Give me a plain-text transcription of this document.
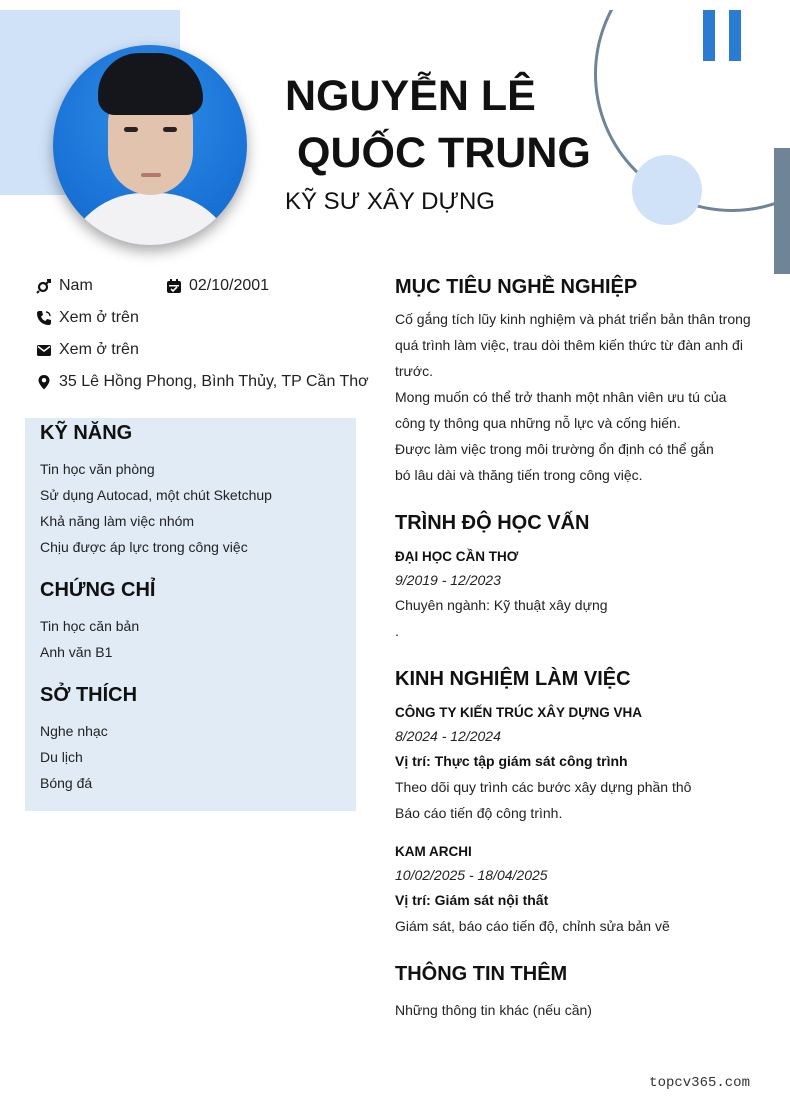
NGUYỄN LÊ
QUỐC TRUNG
KỸ SƯ XÂY DỰNG
Nam	02/10/2001
Xem ở trên
Xem ở trên
35 Lê Hồng Phong, Bình Thủy, TP Cần Thơ
KỸ NĂNG
Tin học văn phòng
Sử dụng Autocad, một chút Sketchup
Khả năng làm việc nhóm
Chịu được áp lực trong công việc
CHỨNG CHỈ
Tin học căn bản
Anh văn B1
SỞ THÍCH
Nghe nhạc
Du lịch
Bóng đá
MỤC TIÊU NGHỀ NGHIỆP
Cố gắng tích lũy kinh nghiệm và phát triển bản thân trong
quá trình làm việc, trau dòi thêm kiến thức từ đàn anh đi
trước.
Mong muốn có thể trở thanh một nhân viên ưu tú của
công ty thông qua những nỗ lực và cống hiến.
Được làm việc trong môi trường ổn định có thể gắn
bó lâu dài và thăng tiến trong công việc.
TRÌNH ĐỘ HỌC VẤN
ĐẠI HỌC CẦN THƠ
9/2019 - 12/2023
Chuyên ngành: Kỹ thuật xây dựng
.
KINH NGHIỆM LÀM VIỆC
CÔNG TY KIẾN TRÚC XÂY DỰNG VHA
8/2024 - 12/2024
Vị trí: Thực tập giám sát công trình
Theo dõi quy trình các bước xây dựng phần thô
Báo cáo tiến độ công trình.
KAM ARCHI
10/02/2025 - 18/04/2025
Vị trí: Giám sát nội thất
Giám sát, báo cáo tiến độ, chỉnh sửa bản vẽ
THÔNG TIN THÊM
Những thông tin khác (nếu cần)
topcv365.com
